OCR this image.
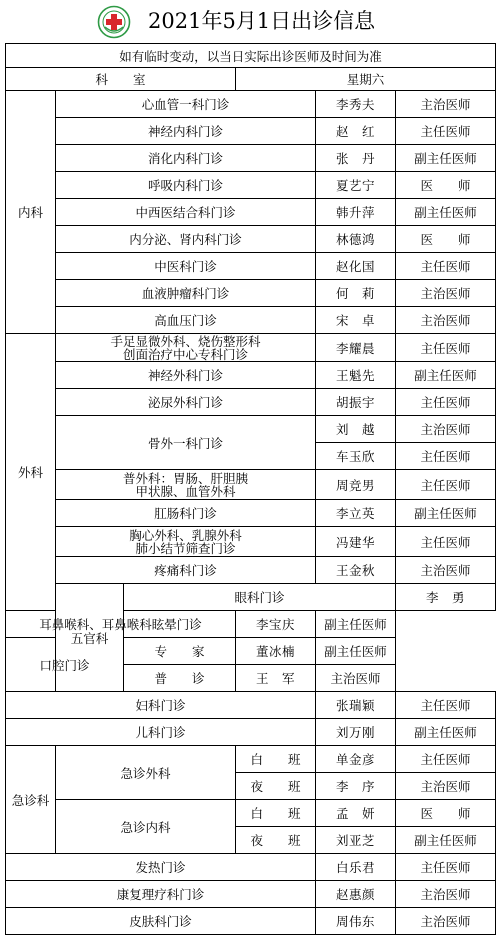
2021年5月1日出诊信息
如有临时变动，以当日实际出诊医师及时间为准						
科　　室			星期六			
内科	心血管一科门诊			李秀夫	主治医师	
	神经内科门诊			赵　红	主任医师	
	消化内科门诊			张　丹	副主任医师	
	呼吸内科门诊			夏艺宁	医　　师	
	中西医结合科门诊			韩升萍	副主任医师	
	内分泌、肾内科门诊			林德鸿	医　　师	
	中医科门诊			赵化国	主任医师	
	血液肿瘤科门诊			何　莉	主治医师	
	高血压门诊			宋　卓	主治医师	
外科	手足显微外科、烧伤整形科
创面治疗中心专科门诊			李耀晨	主任医师	
	神经外科门诊			王魁先	副主任医师	
	泌尿外科门诊			胡振宇	主任医师	
	骨外一科门诊			刘　越	主治医师	
				车玉欣	主任医师	

	普外科：胃肠、肝胆胰
甲状腺、血管外科			周竞男	主任医师	
	肛肠科门诊			李立英	副主任医师	

	胸心外科、乳腺外科
肺小结节筛查门诊			冯建华	主任医师	
	疼痛科门诊			王金秋	主治医师	
	五官科	眼科门诊			李　勇	
耳鼻喉科、耳鼻喉科眩晕门诊			李宝庆	副主任医师		
口腔门诊		专　　家	董冰楠	副主任医师		
		普　　诊	王　军	主治医师		
妇科门诊				张瑞颖	主任医师	
儿科门诊				刘万刚	副主任医师	
急诊科	急诊外科		白　　班	单金彦	主任医师	
			夜　　班	李　序	主治医师	
	急诊内科		白　　班	孟　妍	医　　师	
			夜　　班	刘亚芝	副主任医师	
发热门诊				白乐君	主任医师	
康复理疗科门诊				赵惠颜	主治医师	
皮肤科门诊				周伟东	主治医师	
